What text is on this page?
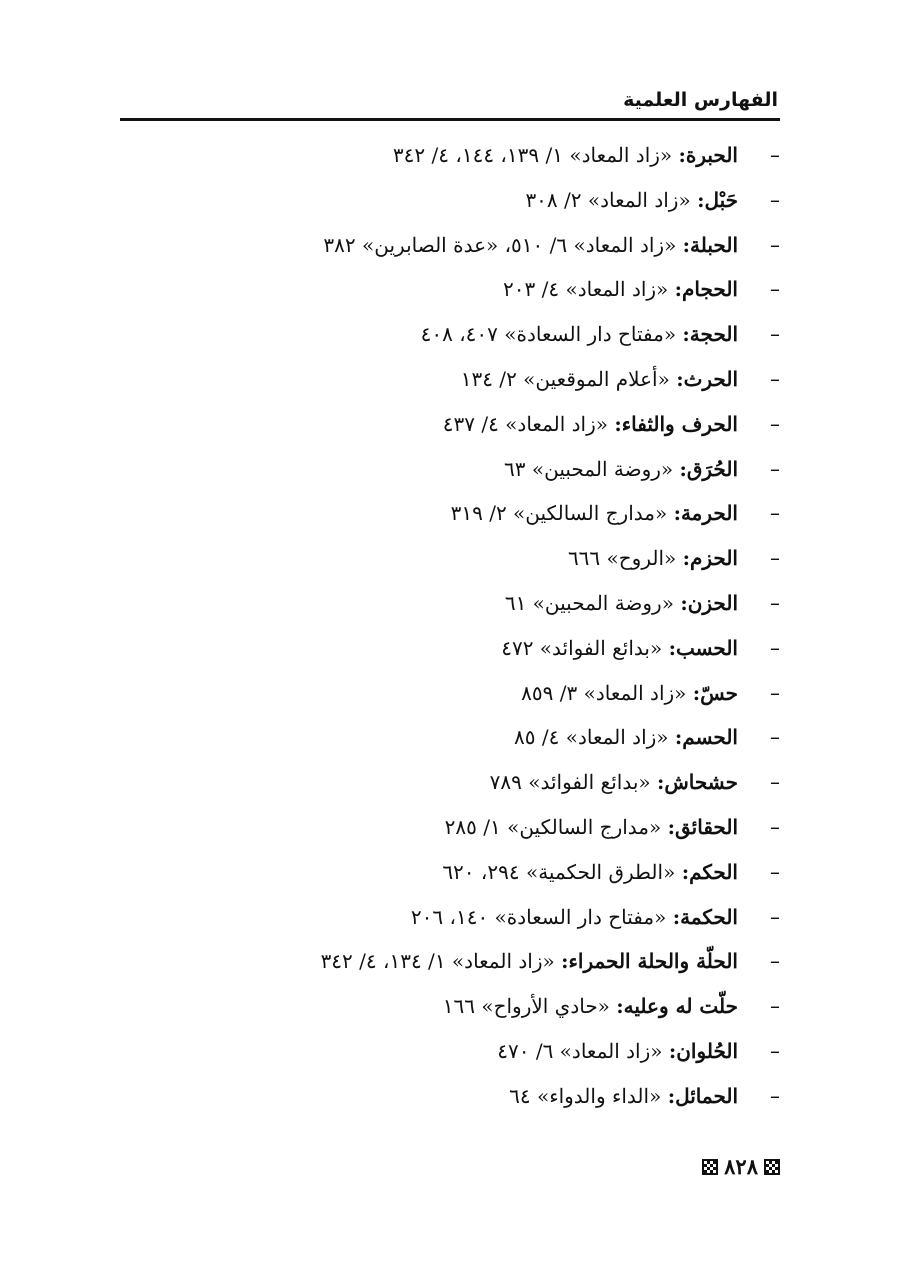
الفهارس العلمية
–الحبرة: «زاد المعاد» ١/ ١٣٩، ١٤٤، ٤/ ٣٤٢
–حَبْل: «زاد المعاد» ٢/ ٣٠٨
–الحبلة: «زاد المعاد» ٦/ ٥١٠، «عدة الصابرين» ٣٨٢
–الحجام: «زاد المعاد» ٤/ ٢٠٣
–الحجة: «مفتاح دار السعادة» ٤٠٧، ٤٠٨
–الحرث: «أعلام الموقعين» ٢/ ١٣٤
–الحرف والثفاء: «زاد المعاد» ٤/ ٤٣٧
–الحُرَق: «روضة المحبين» ٦٣
–الحرمة: «مدارج السالكين» ٢/ ٣١٩
–الحزم: «الروح» ٦٦٦
–الحزن: «روضة المحبين» ٦١
–الحسب: «بدائع الفوائد» ٤٧٢
–حسّ: «زاد المعاد» ٣/ ٨٥٩
–الحسم: «زاد المعاد» ٤/ ٨٥
–حشحاش: «بدائع الفوائد» ٧٨٩
–الحقائق: «مدارج السالكين» ١/ ٢٨٥
–الحكم: «الطرق الحكمية» ٢٩٤، ٦٢٠
–الحكمة: «مفتاح دار السعادة» ١٤٠، ٢٠٦
–الحلّة والحلة الحمراء: «زاد المعاد» ١/ ١٣٤، ٤/ ٣٤٢
–حلّت له وعليه: «حادي الأرواح» ١٦٦
–الحُلوان: «زاد المعاد» ٦/ ٤٧٠
–الحمائل: «الداء والدواء» ٦٤
٨٢٨
